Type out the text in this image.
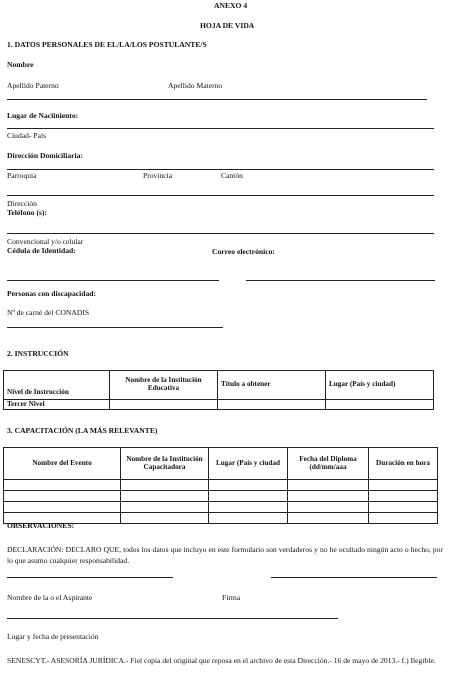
ANEXO 4
HOJA DE VIDA
1. DATOS PERSONALES DE EL/LA/LOS POSTULANTE/S
Nombre
Apellido Paterno	Apellido Materno
Lugar de Naciiniento:
Ciudad- País
Dirección Domiciliaria:
Parroquia	Provincia	Cantón
Dirección
Teléfono (s):
Convencional y/o celular
Cédula de Identidad:	Correo electrónico:
Personas con discapacidad:
Nº de carné del CONADIS
2. INSTRUCCIÓN
Nivel de Instrucción	Nombre de la Institución Educativa	Título a obtener	Lugar (País y ciudad)
Tercer Nivel			
3. CAPACITACIÓN (LA MÁS RELEVANTE)
Nombre del Evento	Nombre de la Institución Capacitadora	Lugar (País y ciudad	Fecha del Diploma (dd/mm/aaa	Duración en hora

OBSERVACIONES:
DECLARACIÓN: DECLARO QUE, todos los datos que incluyo en este formulario son verdaderos y no he ocultado ningún acto o hecho, por lo que asumo cualquier responsabilidad.
Nombre de la o el Aspirante	Firma
Lugar y fecha de presentación
SENESCYT.- ASESORÍA JURÍDICA.- Fiel copia del original que reposa en el archivo de esta Dirección.- 16 de mayo de 2013.- f.) Ilegible.
